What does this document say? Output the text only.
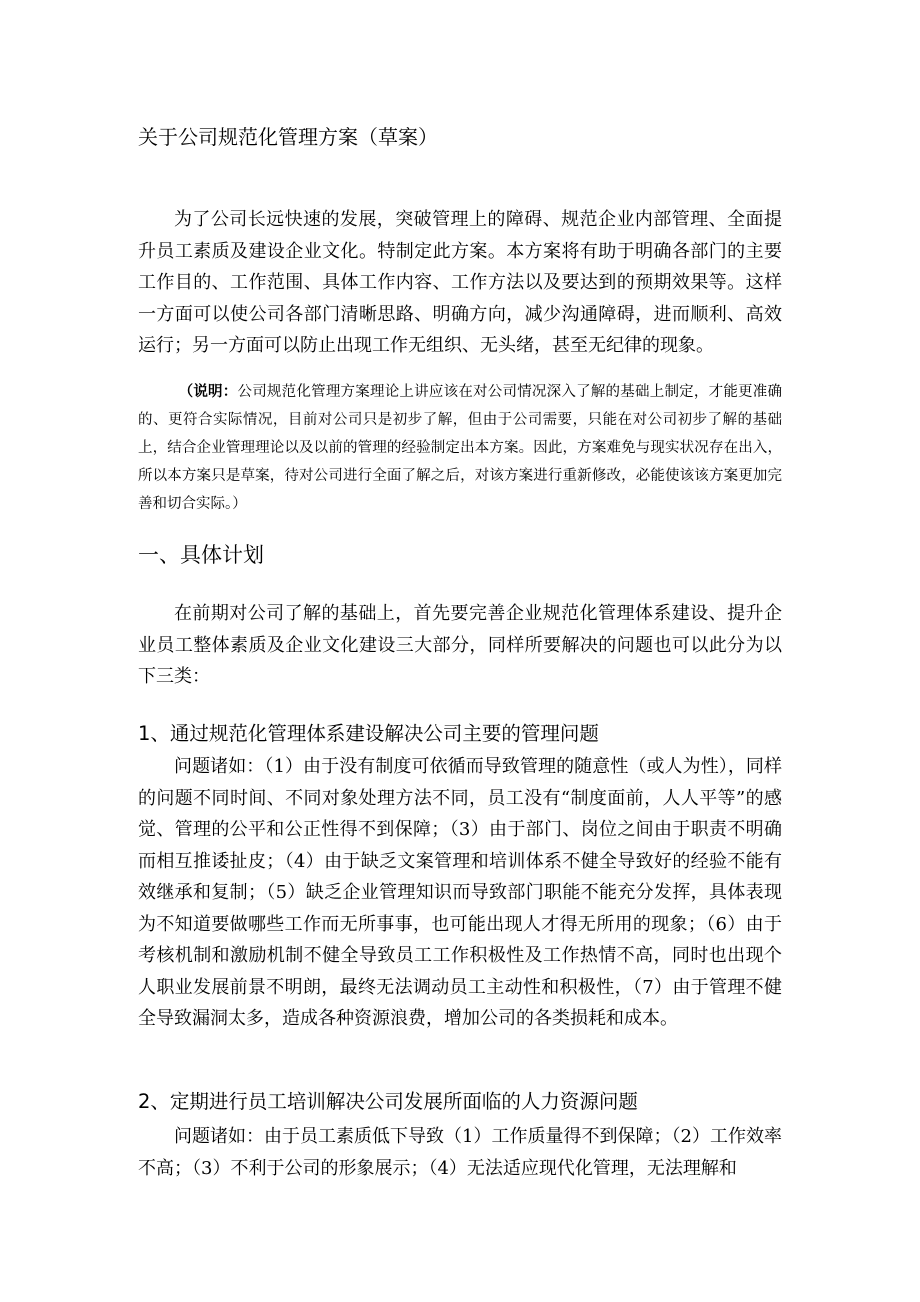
关于公司规范化管理方案（草案）

为了公司长远快速的发展，突破管理上的障碍、规范企业内部管理、全面提升员工素质及建设企业文化。特制定此方案。本方案将有助于明确各部门的主要工作目的、工作范围、具体工作内容、工作方法以及要达到的预期效果等。这样一方面可以使公司各部门清晰思路、明确方向，减少沟通障碍，进而顺利、高效运行；另一方面可以防止出现工作无组织、无头绪，甚至无纪律的现象。

（说明：公司规范化管理方案理论上讲应该在对公司情况深入了解的基础上制定，才能更准确的、更符合实际情况，目前对公司只是初步了解，但由于公司需要，只能在对公司初步了解的基础上，结合企业管理理论以及以前的管理的经验制定出本方案。因此，方案难免与现实状况存在出入，所以本方案只是草案，待对公司进行全面了解之后，对该方案进行重新修改，必能使该该方案更加完善和切合实际。）

一、具体计划

在前期对公司了解的基础上，首先要完善企业规范化管理体系建设、提升企业员工整体素质及企业文化建设三大部分，同样所要解决的问题也可以此分为以下三类：

1、通过规范化管理体系建设解决公司主要的管理问题

问题诸如：（1）由于没有制度可依循而导致管理的随意性（或人为性），同样的问题不同时间、不同对象处理方法不同，员工没有“制度面前，人人平等”的感觉、管理的公平和公正性得不到保障；（3）由于部门、岗位之间由于职责不明确而相互推诿扯皮；（4）由于缺乏文案管理和培训体系不健全导致好的经验不能有效继承和复制；（5）缺乏企业管理知识而导致部门职能不能充分发挥，具体表现为不知道要做哪些工作而无所事事，也可能出现人才得无所用的现象；（6）由于考核机制和激励机制不健全导致员工工作积极性及工作热情不高，同时也出现个人职业发展前景不明朗，最终无法调动员工主动性和积极性，（7）由于管理不健全导致漏洞太多，造成各种资源浪费，增加公司的各类损耗和成本。

2、定期进行员工培训解决公司发展所面临的人力资源问题

问题诸如：由于员工素质低下导致（1）工作质量得不到保障；（2）工作效率不高；（3）不利于公司的形象展示；（4）无法适应现代化管理，无法理解和
